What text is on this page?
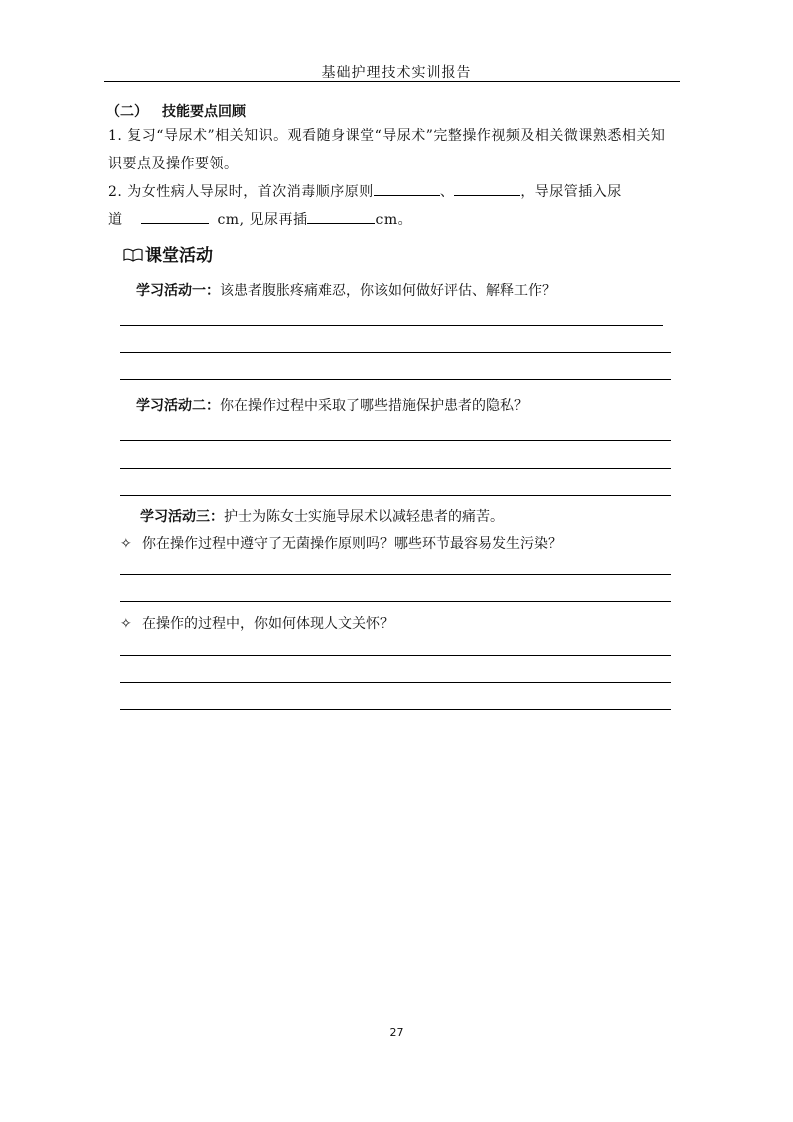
基础护理技术实训报告
（二） 技能要点回顾
1. 复习“导尿术”相关知识。观看随身课堂“导尿术”完整操作视频及相关微课熟悉相关知识要点及操作要领。
2. 为女性病人导尿时，首次消毒顺序原则	、	，导尿管插入尿
道	cm, 见尿再插	cm。
课堂活动
学习活动一：该患者腹胀疼痛难忍，你该如何做好评估、解释工作？
学习活动二：你在操作过程中采取了哪些措施保护患者的隐私？
学习活动三：护士为陈女士实施导尿术以减轻患者的痛苦。
✧ 你在操作过程中遵守了无菌操作原则吗？哪些环节最容易发生污染？
✧ 在操作的过程中，你如何体现人文关怀？
27
